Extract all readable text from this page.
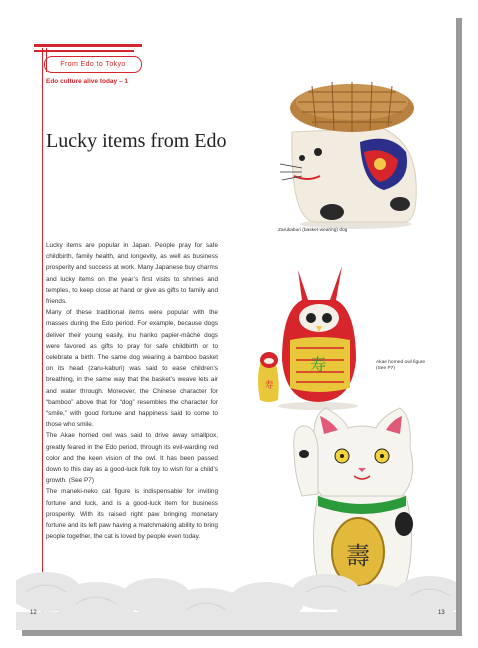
From Edo to Tokyo
Edo culture alive today – 1
Lucky items from Edo

Lucky items are popular in Japan. People pray for safe childbirth, family health, and longevity, as well as business prosperity and success at work. Many Japanese buy charms and lucky items on the year’s first visits to shrines and temples, to keep close at hand or give as gifts to family and friends.

Many of these traditional items were popular with the masses during the Edo period. For example, because dogs deliver their young easily, inu hariko papier-mâché dogs were favored as gifts to pray for safe childbirth or to celebrate a birth. The same dog wearing a bamboo basket on its head (zaru-kaburi) was said to ease children’s breathing, in the same way that the basket’s weave lets air and water through. Moreover, the Chinese character for “bamboo” above that for “dog” resembles the character for “smile,” with good fortune and happiness said to come to those who smile.

The Akae horned owl was said to drive away smallpox, greatly feared in the Edo period, through its evil-warding red color and the keen vision of the owl. It has been passed down to this day as a good-luck folk toy to wish for a child’s growth. (See P7)

The maneki-neko cat figure is indispensable for inviting fortune and luck, and is a good-luck item for business prosperity. With its raised right paw bringing monetary fortune and its left paw having a matchmaking ability to bring people together, the cat is loved by people even today.

Zarukaburi (basket-wearing) dog
寿
寿
Akae horned owl figure (See P7)
壽
12	13
